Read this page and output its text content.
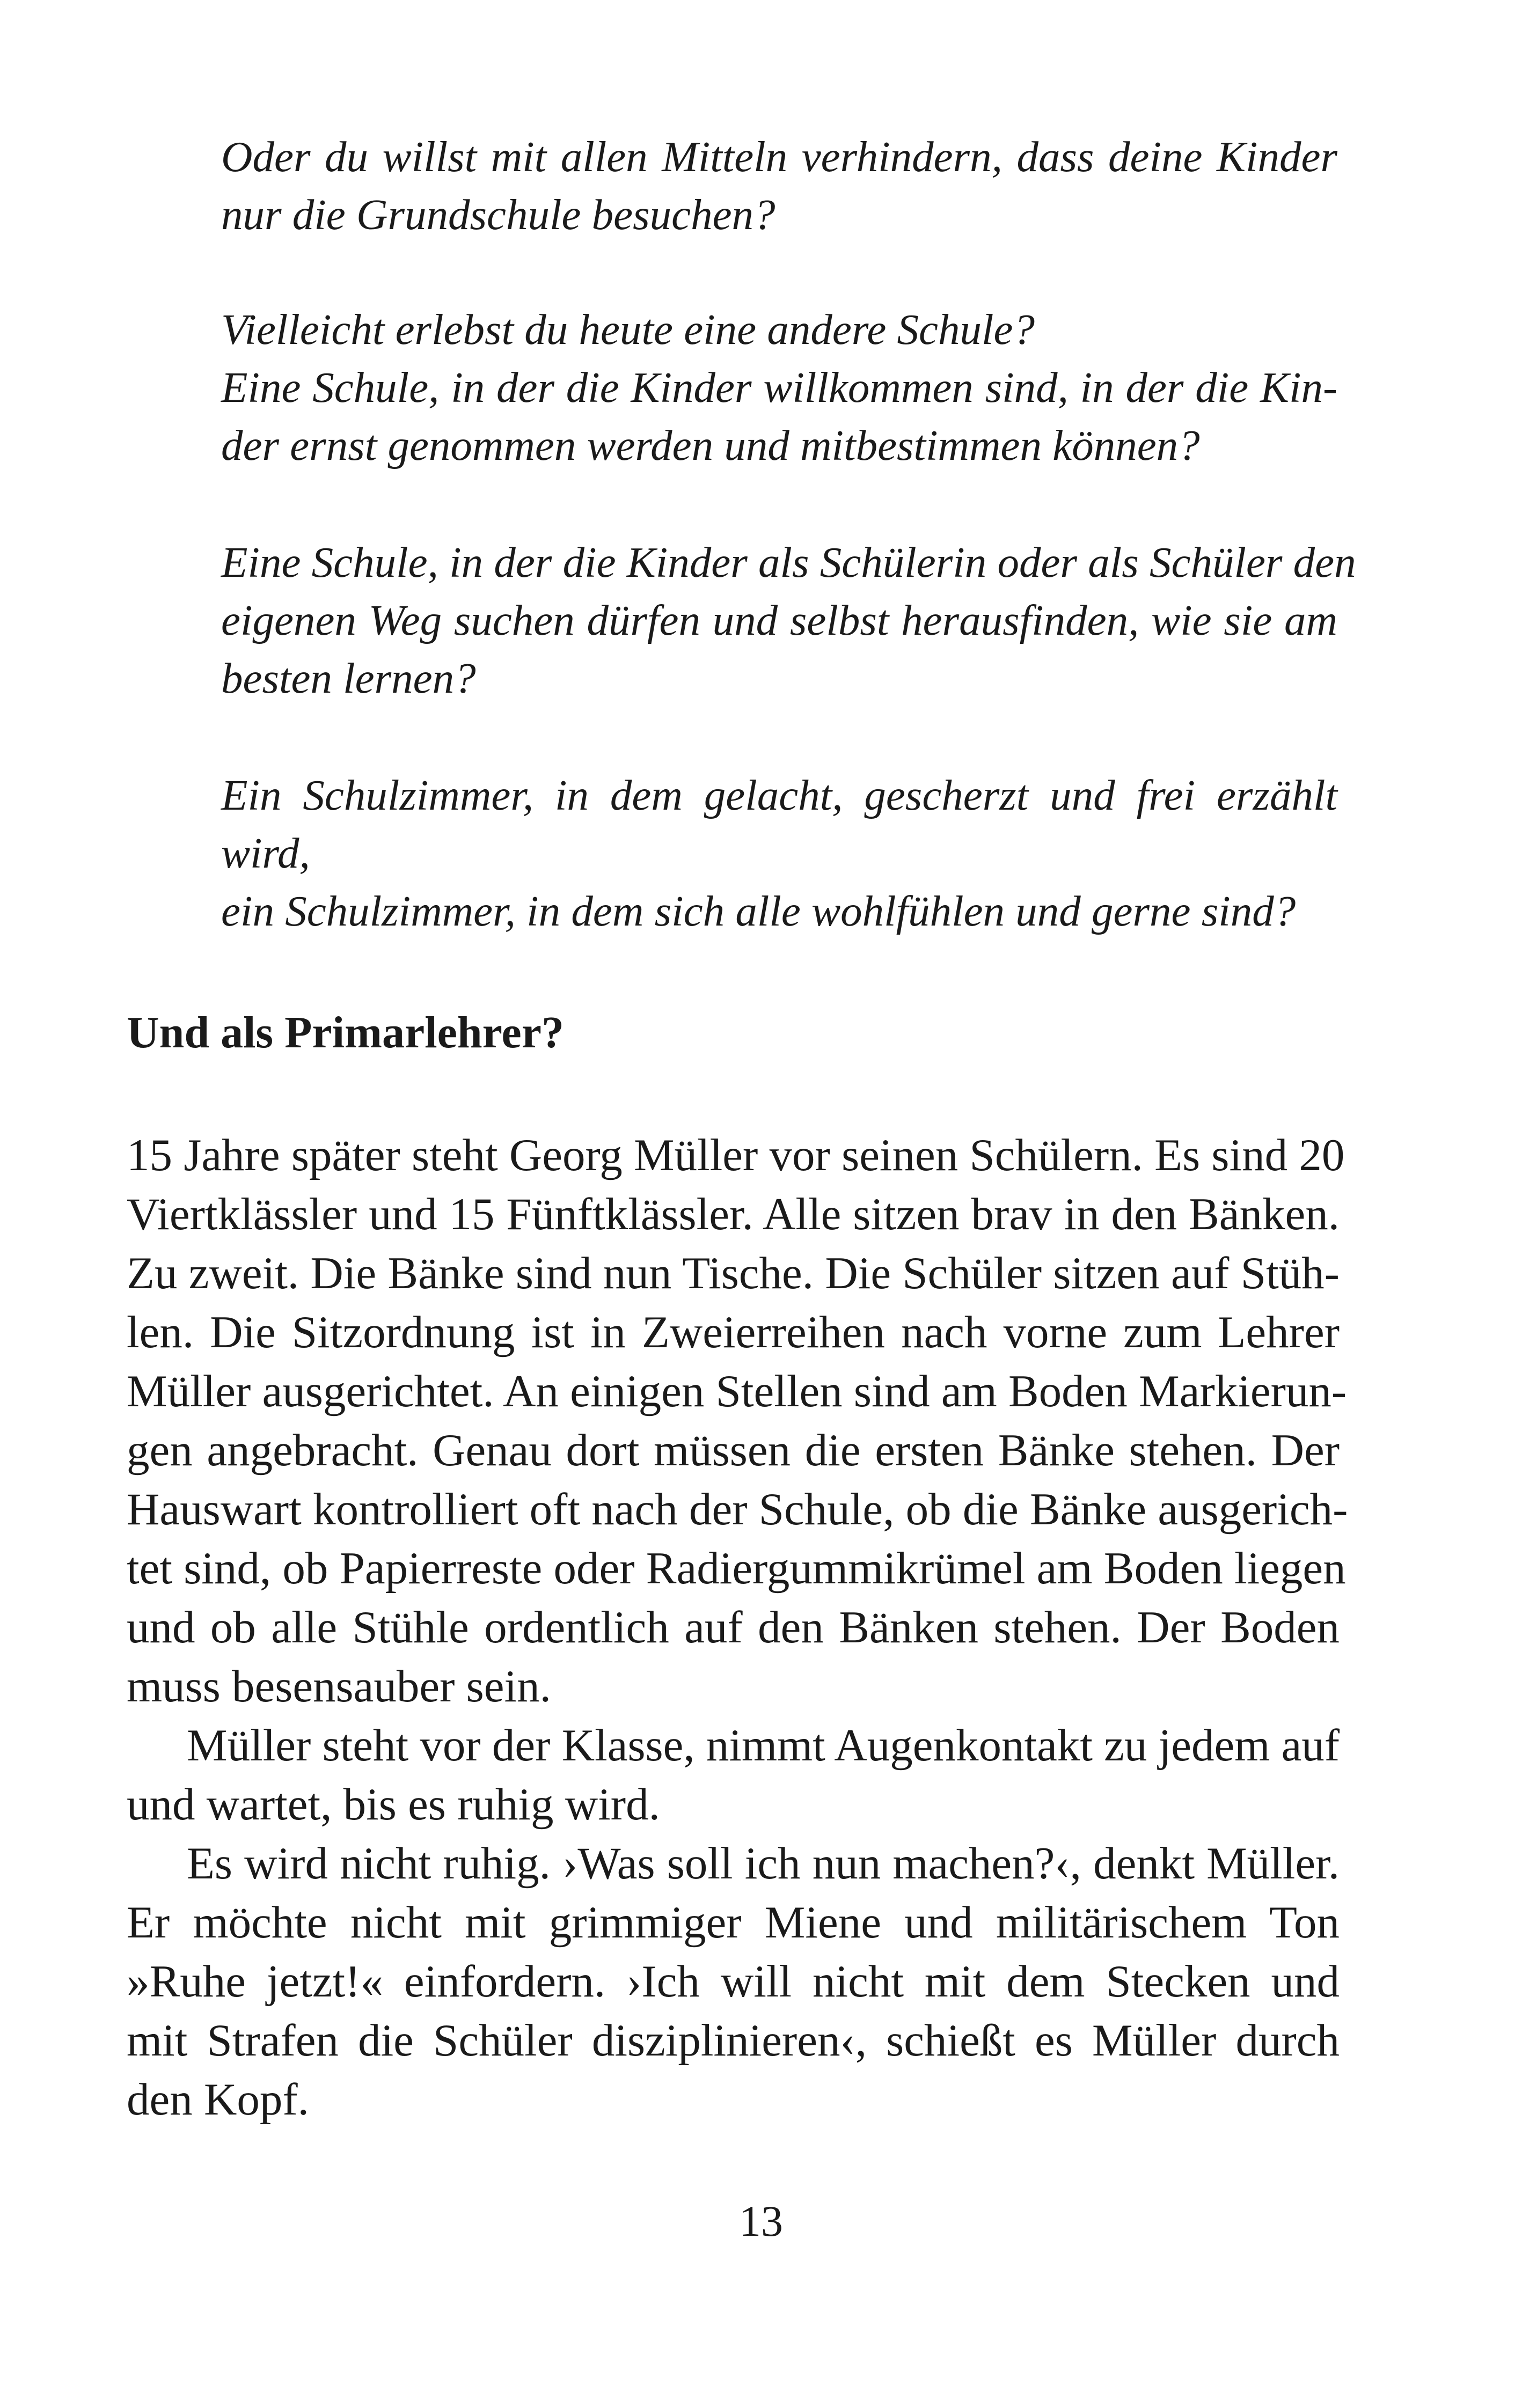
Oder du willst mit allen Mitteln verhindern, dass deine Kinder
nur die Grundschule besuchen?
Vielleicht erlebst du heute eine andere Schule?
Eine Schule, in der die Kinder willkommen sind, in der die Kin-
der ernst genommen werden und mitbestimmen können?
Eine Schule, in der die Kinder als Schülerin oder als Schüler den
eigenen Weg suchen dürfen und selbst herausfinden, wie sie am
besten lernen?
Ein Schulzimmer, in dem gelacht, gescherzt und frei erzählt
wird,
ein Schulzimmer, in dem sich alle wohlfühlen und gerne sind?
Und als Primarlehrer?
15 Jahre später steht Georg Müller vor seinen Schülern. Es sind 20
Viertklässler und 15 Fünftklässler. Alle sitzen brav in den Bänken.
Zu zweit. Die Bänke sind nun Tische. Die Schüler sitzen auf Stüh-
len. Die Sitzordnung ist in Zweierreihen nach vorne zum Lehrer
Müller ausgerichtet. An einigen Stellen sind am Boden Markierun-
gen angebracht. Genau dort müssen die ersten Bänke stehen. Der
Hauswart kontrolliert oft nach der Schule, ob die Bänke ausgerich-
tet sind, ob Papierreste oder Radiergummikrümel am Boden liegen
und ob alle Stühle ordentlich auf den Bänken stehen. Der Boden
muss besensauber sein.
Müller steht vor der Klasse, nimmt Augenkontakt zu jedem auf
und wartet, bis es ruhig wird.
Es wird nicht ruhig. ›Was soll ich nun machen?‹, denkt Müller.
Er möchte nicht mit grimmiger Miene und militärischem Ton
»Ruhe jetzt!« einfordern. ›Ich will nicht mit dem Stecken und
mit Strafen die Schüler disziplinieren‹, schießt es Müller durch
den Kopf.
13
